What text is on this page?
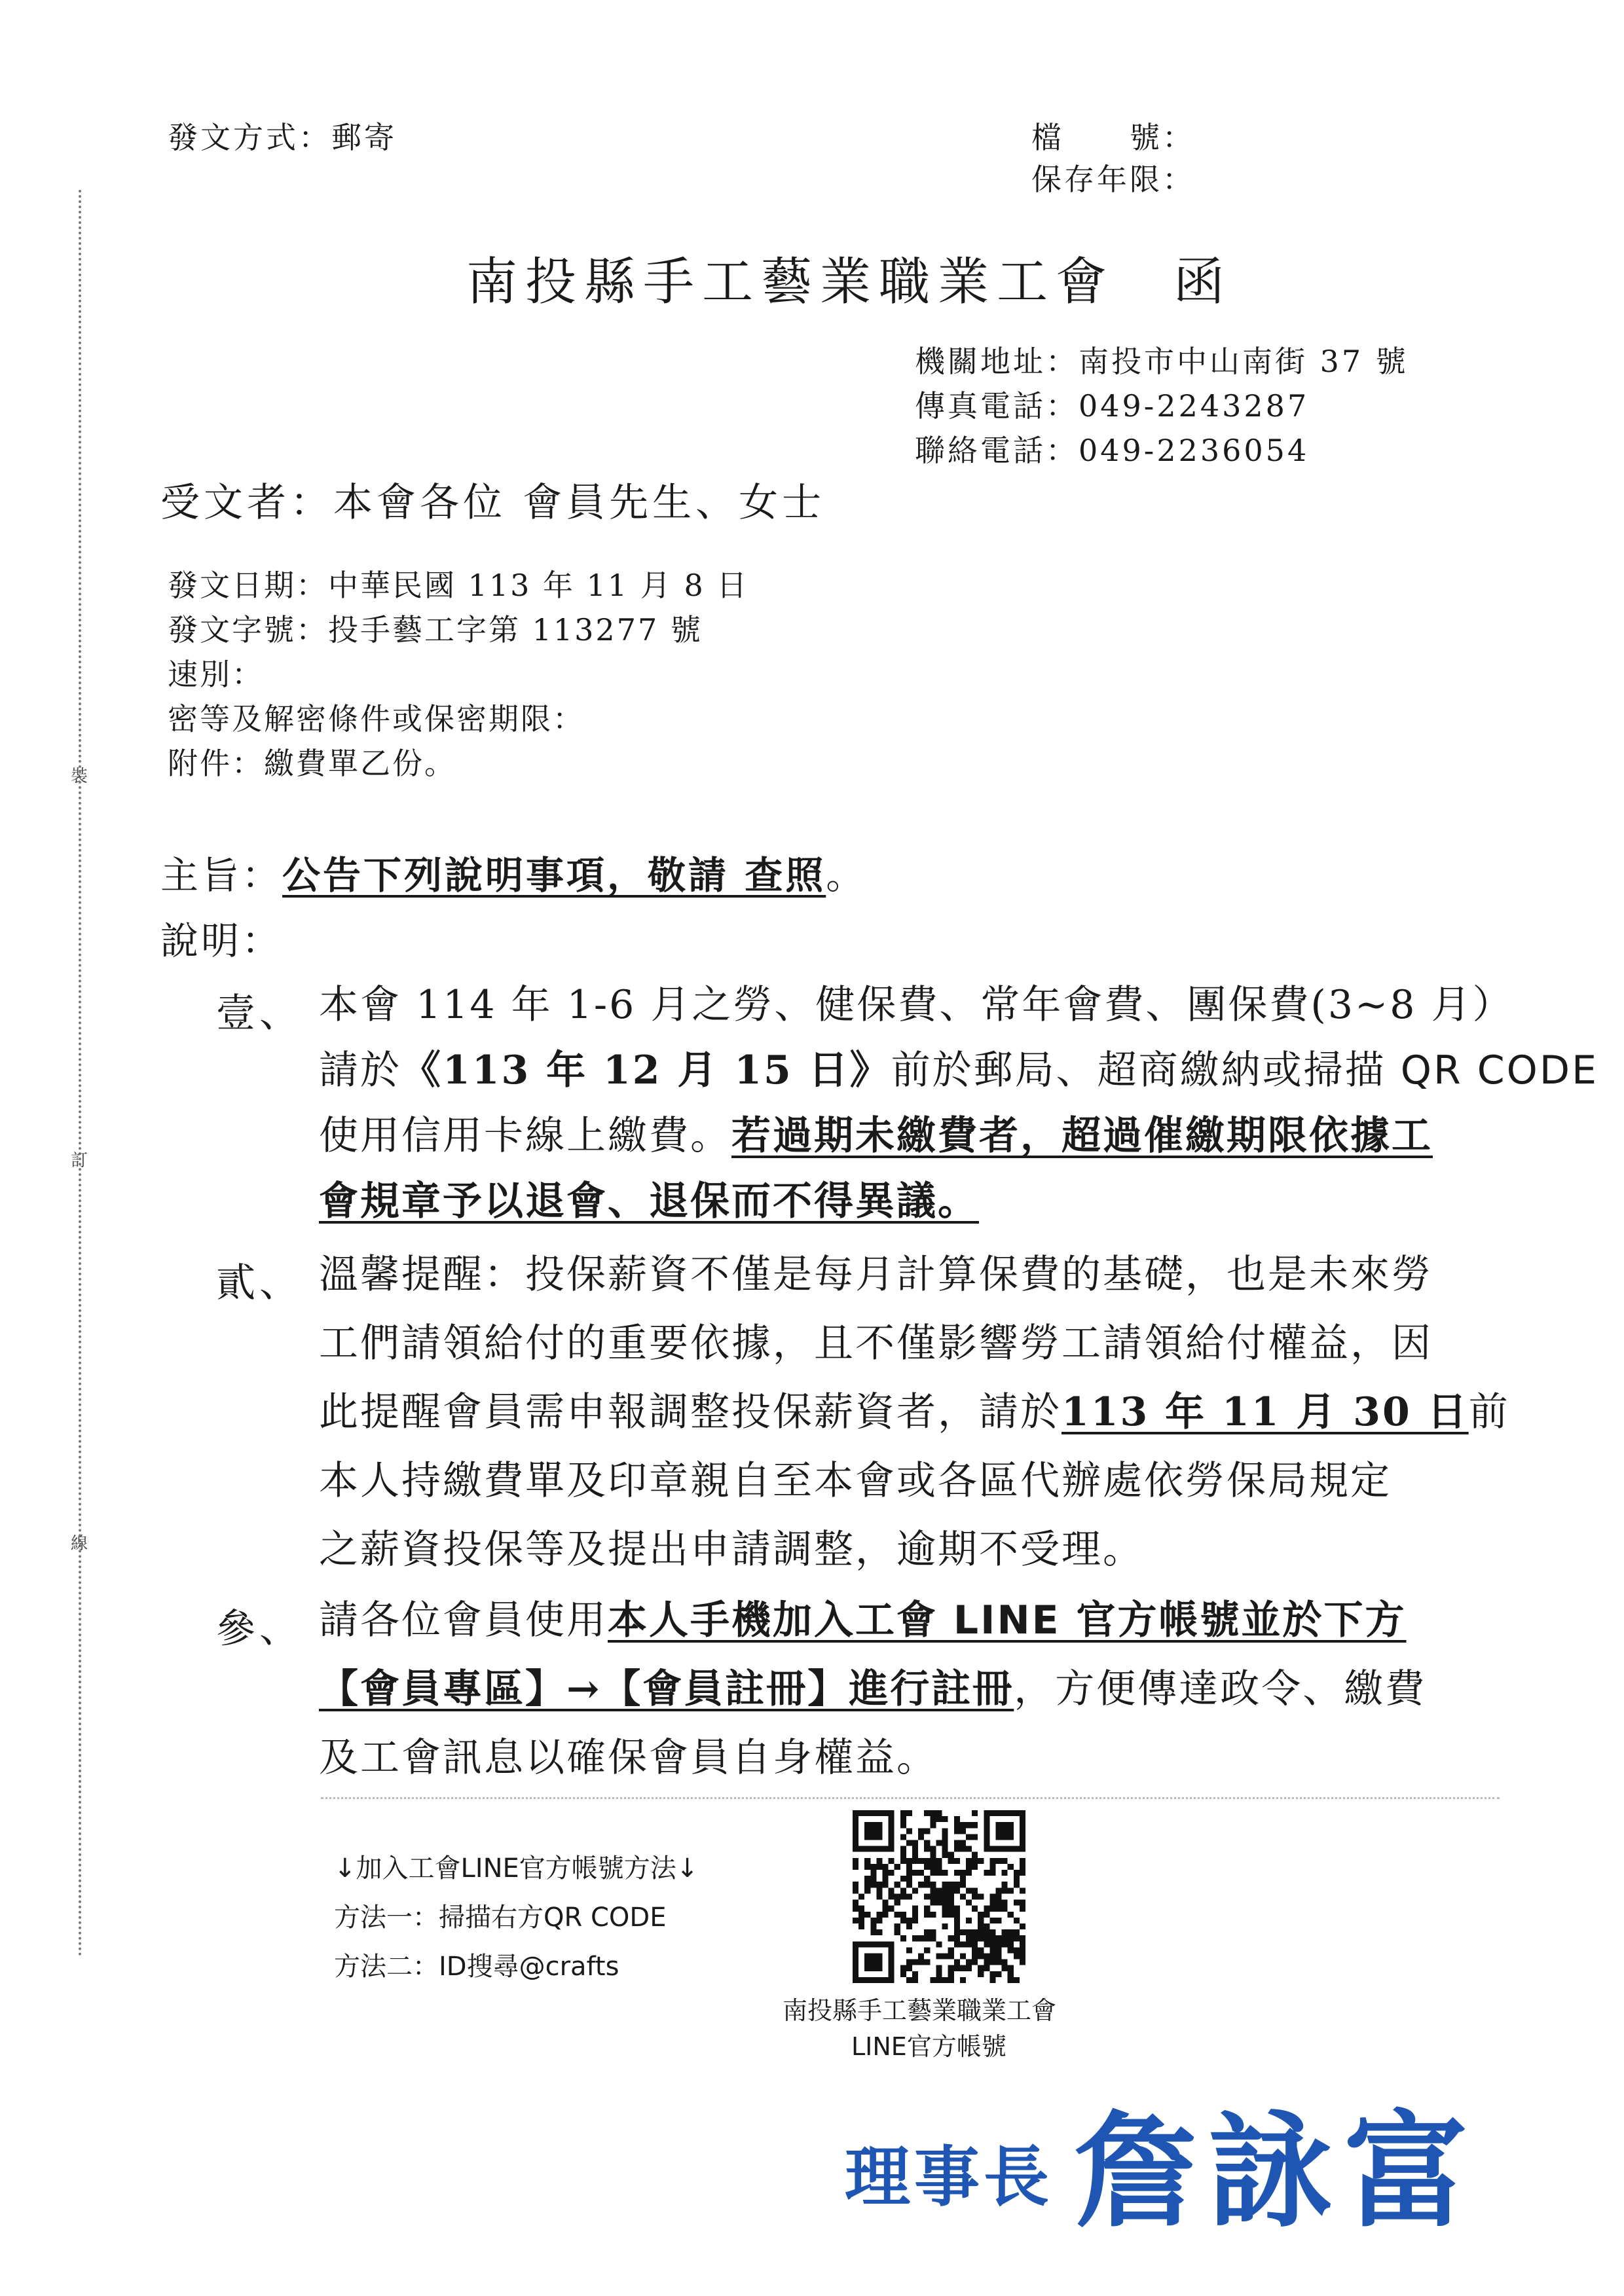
發文方式：郵寄	檔　　號：
保存年限：
裝
訂
線
南投縣手工藝業職業工會　函
機關地址：南投市中山南街 37 號
傳真電話：049-2243287
聯絡電話：049-2236054
受文者：本會各位 會員先生、女士
發文日期：中華民國 113 年 11 月 8 日
發文字號：投手藝工字第 113277 號
速別：
密等及解密條件或保密期限：
附件：繳費單乙份。
主旨：公告下列說明事項，敬請 查照。
說明：
壹、 本會 114 年 1-6 月之勞、健保費、常年會費、團保費(3~8 月）
請於《113 年 12 月 15 日》前於郵局、超商繳納或掃描 QR CODE
使用信用卡線上繳費。若過期未繳費者，超過催繳期限依據工
會規章予以退會、退保而不得異議。
貳、 溫馨提醒：投保薪資不僅是每月計算保費的基礎，也是未來勞
工們請領給付的重要依據，且不僅影響勞工請領給付權益，因
此提醒會員需申報調整投保薪資者，請於113 年 11 月 30 日前
本人持繳費單及印章親自至本會或各區代辦處依勞保局規定
之薪資投保等及提出申請調整，逾期不受理。
參、 請各位會員使用本人手機加入工會 LINE 官方帳號並於下方
【會員專區】→【會員註冊】進行註冊，方便傳達政令、繳費
及工會訊息以確保會員自身權益。
↓加入工會LINE官方帳號方法↓
方法一：掃描右方QR CODE
方法二：ID搜尋@crafts
南投縣手工藝業職業工會
LINE官方帳號
理事長 詹詠富
